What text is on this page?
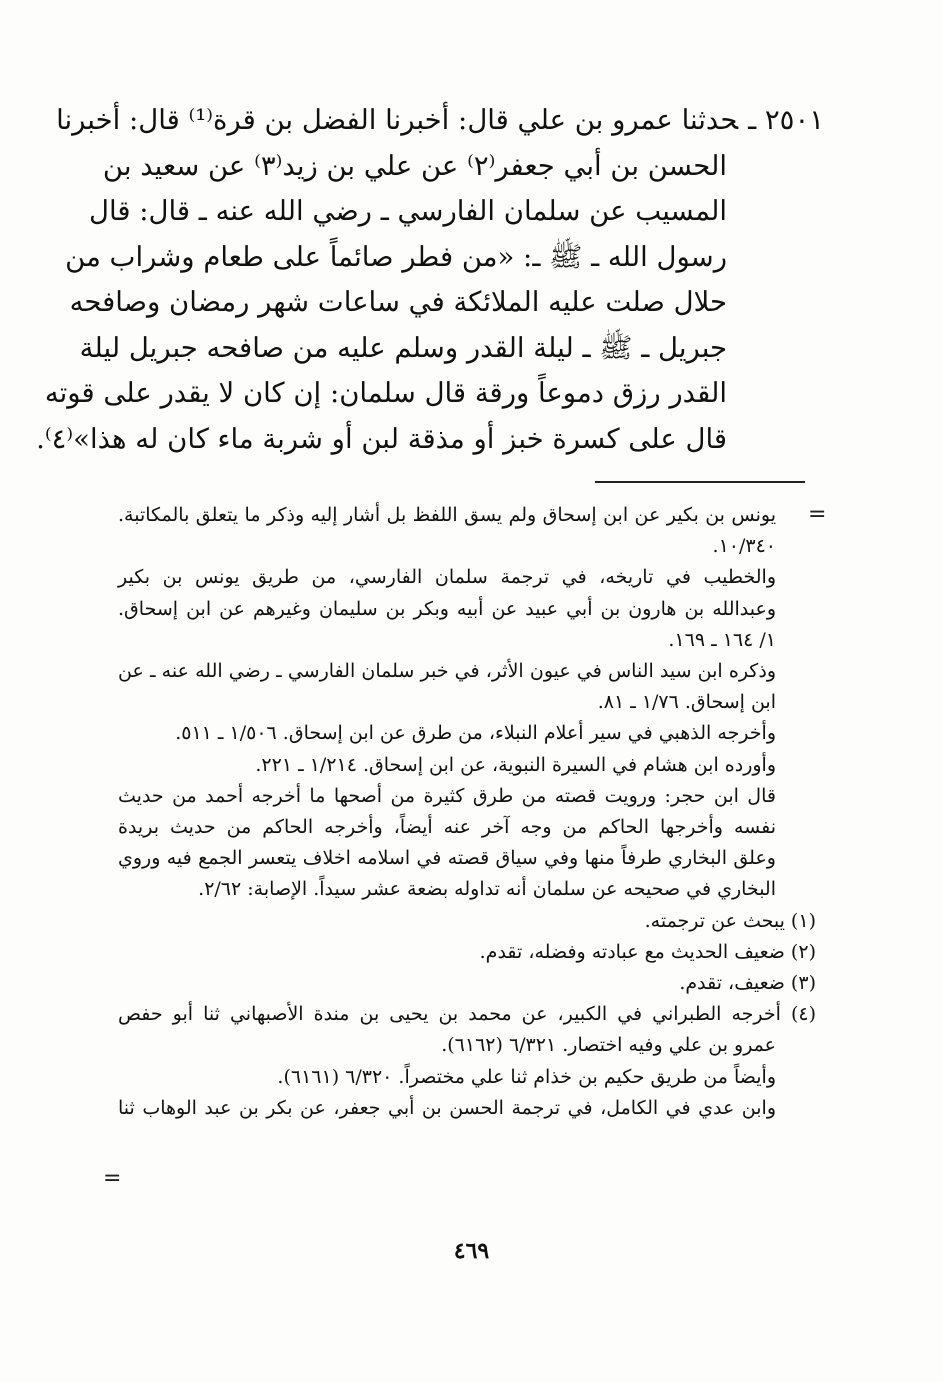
٢٥٠١ ـحدثنا عمرو بن علي قال: أخبرنا الفضل بن قرة⁽¹⁾ قال: أخبرنا
الحسن بن أبي جعفر⁽٢⁾ عن علي بن زيد⁽٣⁾ عن سعيد بن
المسيب عن سلمان الفارسي ـ رضي الله عنه ـ قال: قال
رسول الله ـ ﷺ ـ: «من فطر صائماً على طعام وشراب من
حلال صلت عليه الملائكة في ساعات شهر رمضان وصافحه
جبريل ـ ﷺ ـ ليلة القدر وسلم عليه من صافحه جبريل ليلة
القدر رزق دموعاً ورقة قال سلمان: إن كان لا يقدر على قوته
قال على كسرة خبز أو مذقة لبن أو شربة ماء كان له هذا»⁽٤⁾.
=
يونس بن بكير عن ابن إسحاق ولم يسق اللفظ بل أشار إليه وذكر ما يتعلق بالمكاتبة.
١٠/٣٤٠.
والخطيب في تاريخه، في ترجمة سلمان الفارسي، من طريق يونس بن بكير
وعبدالله بن هارون بن أبي عبيد عن أبيه وبكر بن سليمان وغيرهم عن ابن إسحاق.
١/ ١٦٤ ـ ١٦٩.
وذكره ابن سيد الناس في عيون الأثر، في خبر سلمان الفارسي ـ رضي الله عنه ـ عن
ابن إسحاق. ١/٧٦ ـ ٨١.
وأخرجه الذهبي في سير أعلام النبلاء، من طرق عن ابن إسحاق. ١/٥٠٦ ـ ٥١١.
وأورده ابن هشام في السيرة النبوية، عن ابن إسحاق. ١/٢١٤ ـ ٢٢١.
قال ابن حجر: ورويت قصته من طرق كثيرة من أصحها ما أخرجه أحمد من حديث
نفسه وأخرجها الحاكم من وجه آخر عنه أيضاً، وأخرجه الحاكم من حديث بريدة
وعلق البخاري طرفاً منها وفي سياق قصته في اسلامه اخلاف يتعسر الجمع فيه وروي
البخاري في صحيحه عن سلمان أنه تداوله بضعة عشر سيداً. الإصابة: ٢/٦٢.
(١) يبحث عن ترجمته.
(٢) ضعيف الحديث مع عبادته وفضله، تقدم.
(٣) ضعيف، تقدم.
(٤) أخرجه الطبراني في الكبير، عن محمد بن يحيى بن مندة الأصبهاني ثنا أبو حفص
عمرو بن علي وفيه اختصار. ٦/٣٢١ (٦١٦٢).
وأيضاً من طريق حكيم بن خذام ثنا علي مختصراً. ٦/٣٢٠ (٦١٦١).
وابن عدي في الكامل، في ترجمة الحسن بن أبي جعفر، عن بكر بن عبد الوهاب ثنا
=
٤٦٩
